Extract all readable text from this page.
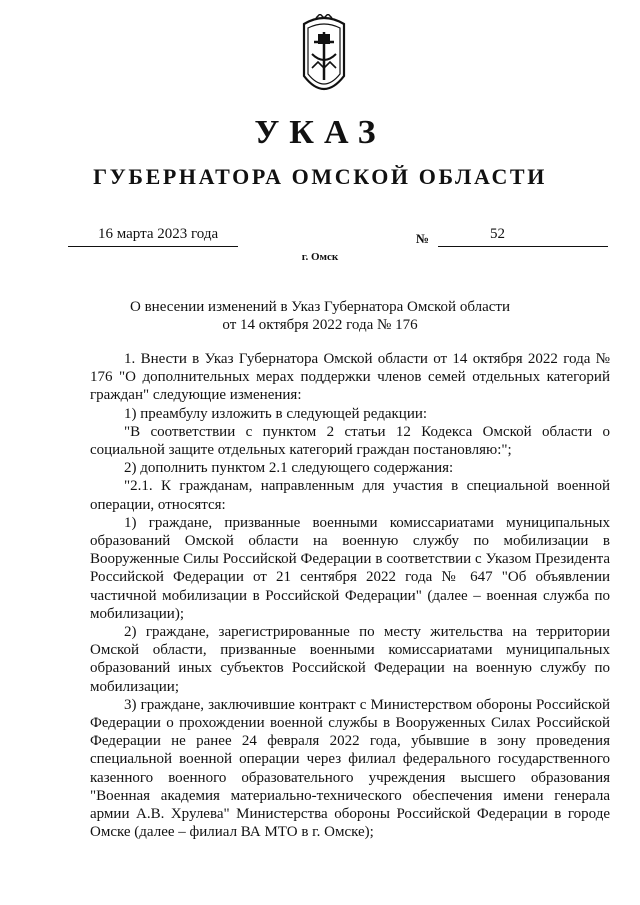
УКАЗ
ГУБЕРНАТОРА ОМСКОЙ ОБЛАСТИ
16 марта 2023 года	№	52
г. Омск
О внесении изменений в Указ Губернатора Омской области
от 14 октября 2022 года № 176

1. Внести в Указ Губернатора Омской области от 14 октября 2022 года № 176 "О дополнительных мерах поддержки членов семей отдельных категорий граждан" следующие изменения:

1) преамбулу изложить в следующей редакции:

"В соответствии с пунктом 2 статьи 12 Кодекса Омской области о социальной защите отдельных категорий граждан постановляю:";

2) дополнить пунктом 2.1 следующего содержания:

"2.1. К гражданам, направленным для участия в специальной военной операции, относятся:

1) граждане, призванные военными комиссариатами муниципальных образований Омской области на военную службу по мобилизации в Вооруженные Силы Российской Федерации в соответствии с Указом Президента Российской Федерации от 21 сентября 2022 года № 647 "Об объявлении частичной мобилизации в Российской Федерации" (далее – военная служба по мобилизации);

2) граждане, зарегистрированные по месту жительства на территории Омской области, призванные военными комиссариатами муниципальных образований иных субъектов Российской Федерации на военную службу по мобилизации;

3) граждане, заключившие контракт с Министерством обороны Российской Федерации о прохождении военной службы в Вооруженных Силах Российской Федерации не ранее 24 февраля 2022 года, убывшие в зону проведения специальной военной операции через филиал федерального государственного казенного военного образовательного учреждения высшего образования "Военная академия материально-технического обеспечения имени генерала армии А.В. Хрулева" Министерства обороны Российской Федерации в городе Омске (далее – филиал ВА МТО в г. Омске);
